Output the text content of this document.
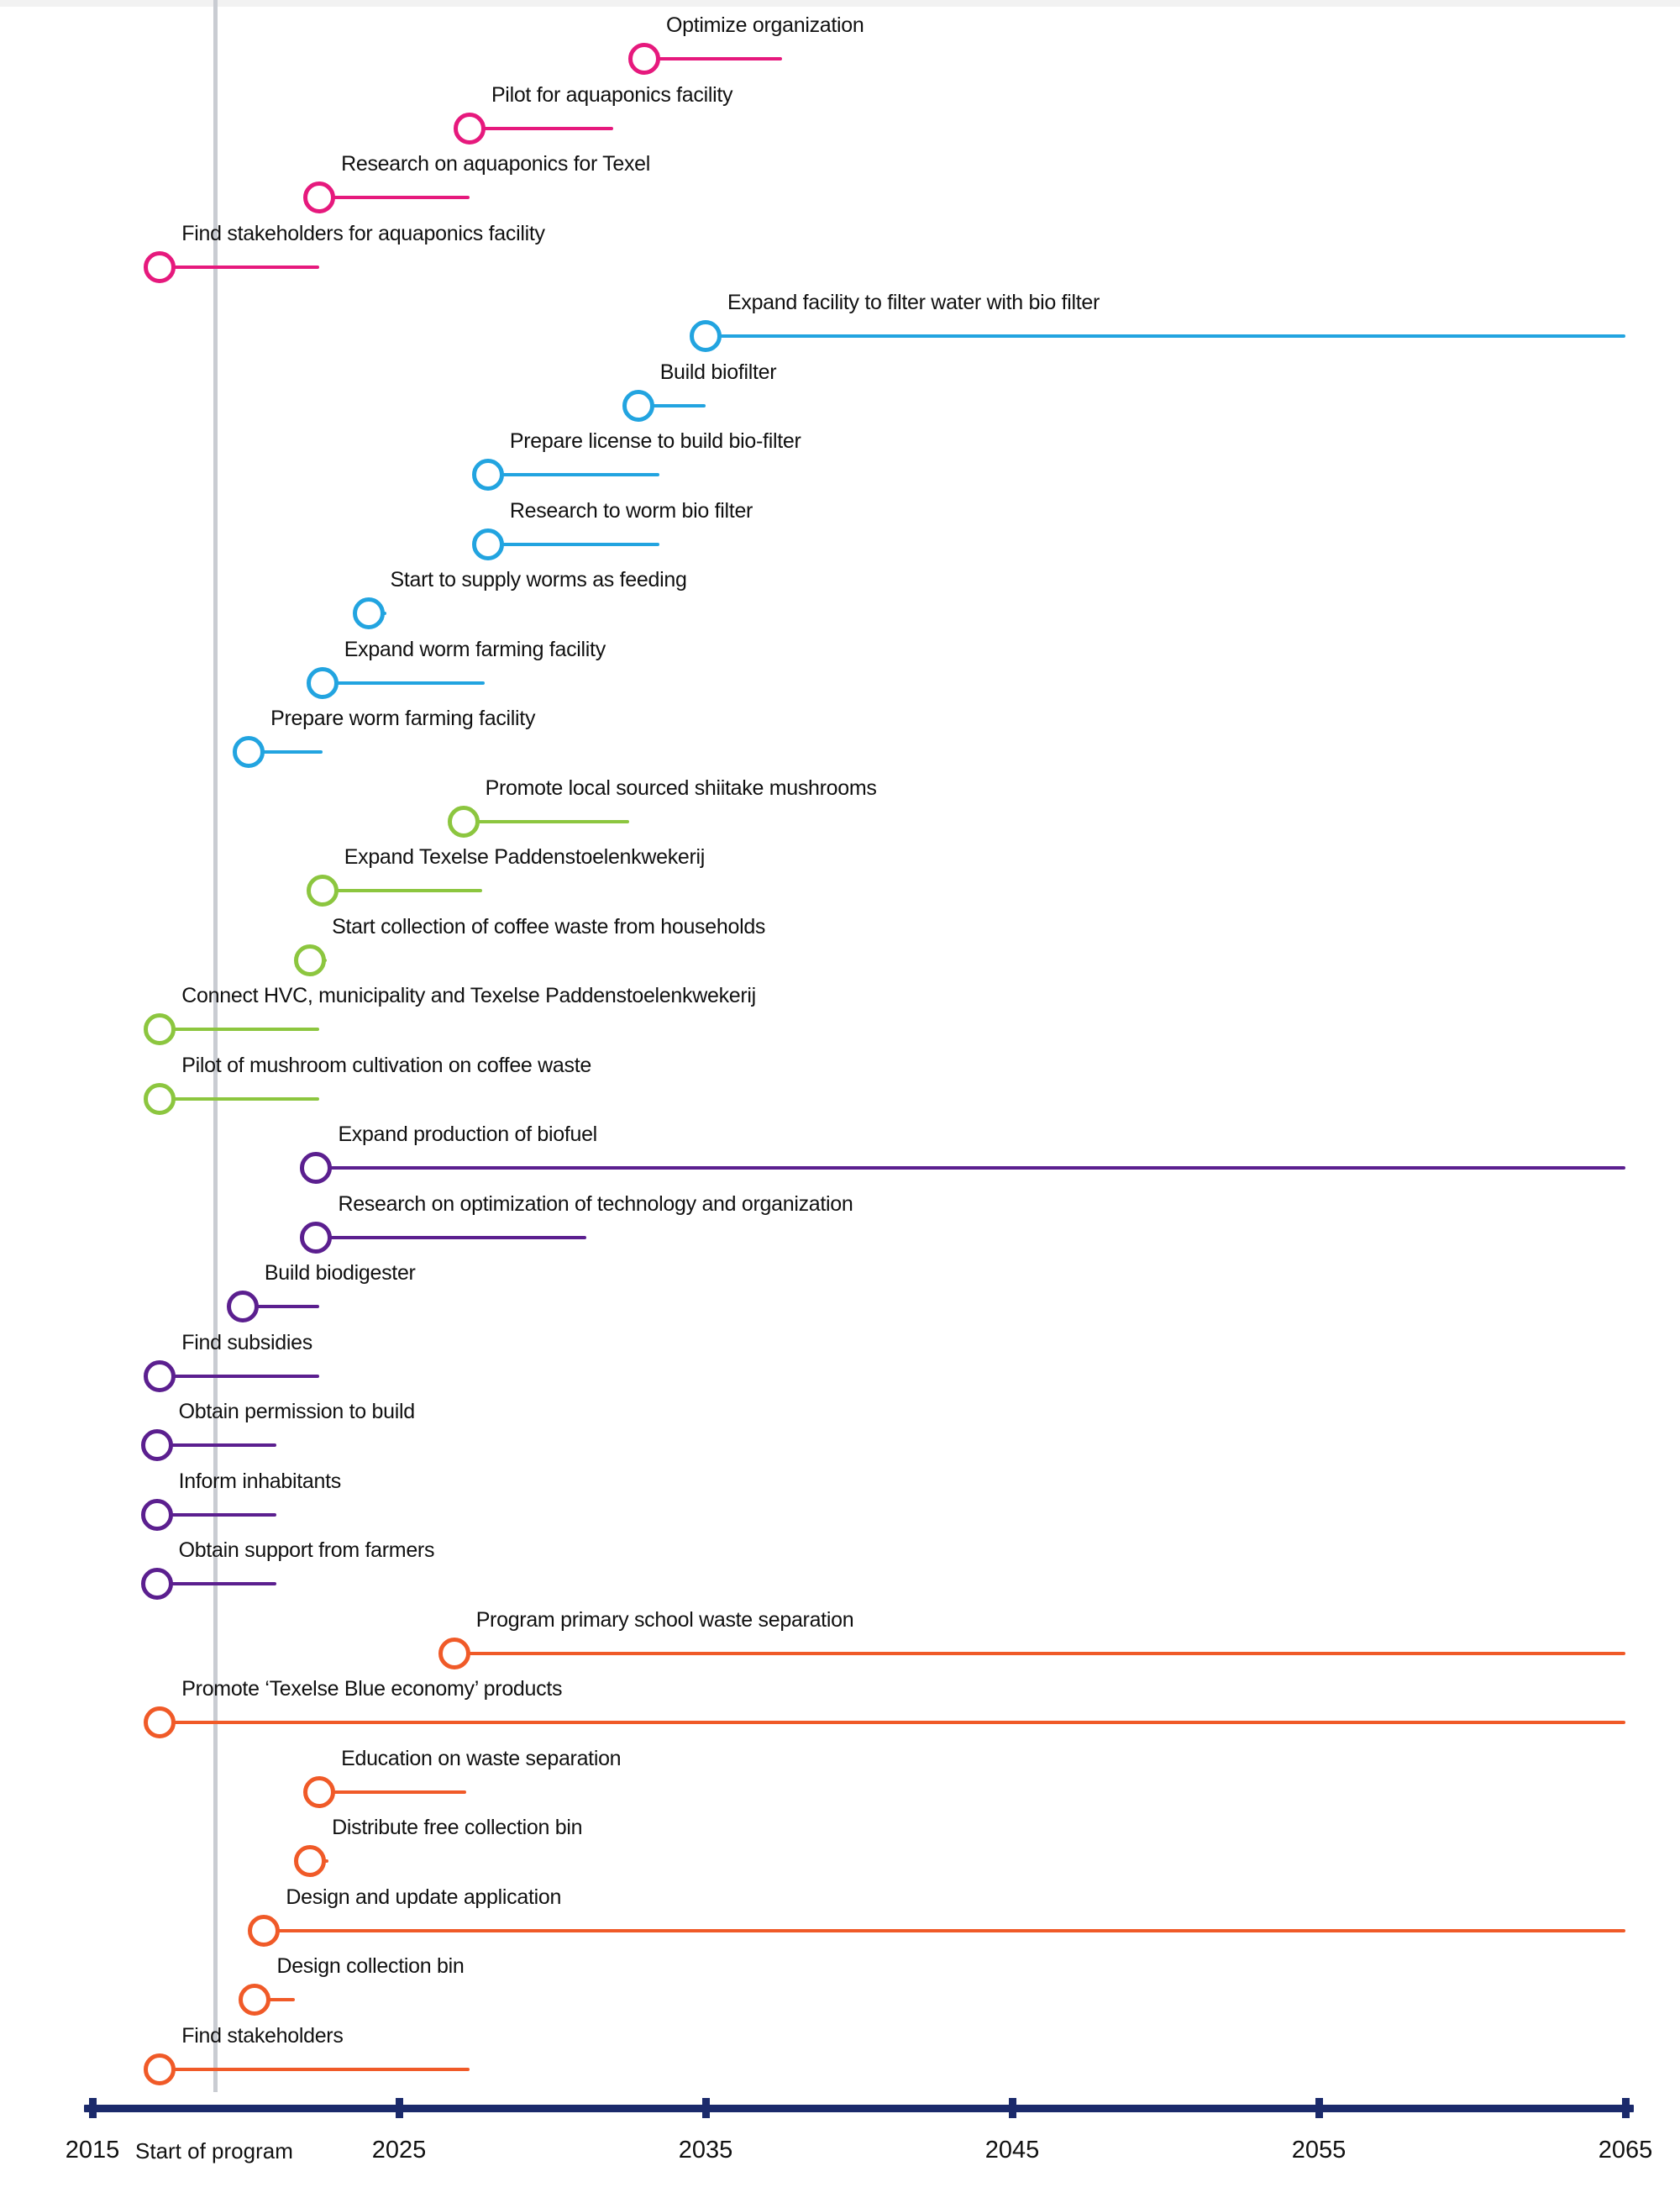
Optimize organization
Pilot for aquaponics facility
Research on aquaponics for Texel
Find stakeholders for aquaponics facility
Expand facility to filter water with bio filter
Build biofilter
Prepare license to build bio-filter
Research to worm bio filter
Start to supply worms as feeding
Expand worm farming facility
Prepare worm farming facility
Promote local sourced shiitake mushrooms
Expand Texelse Paddenstoelenkwekerij
Start collection of coffee waste from households
Connect HVC, municipality and Texelse Paddenstoelenkwekerij
Pilot of mushroom cultivation on coffee waste
Expand production of biofuel
Research on optimization of technology and organization
Build biodigester
Find subsidies
Obtain permission to build
Inform inhabitants
Obtain support from farmers
Program primary school waste separation
Promote ‘Texelse Blue economy’ products
Education on waste separation
Distribute free collection bin
Design and update application
Design collection bin
Find stakeholders
2015	2025	2035	2045	2055	2065
Start of program
